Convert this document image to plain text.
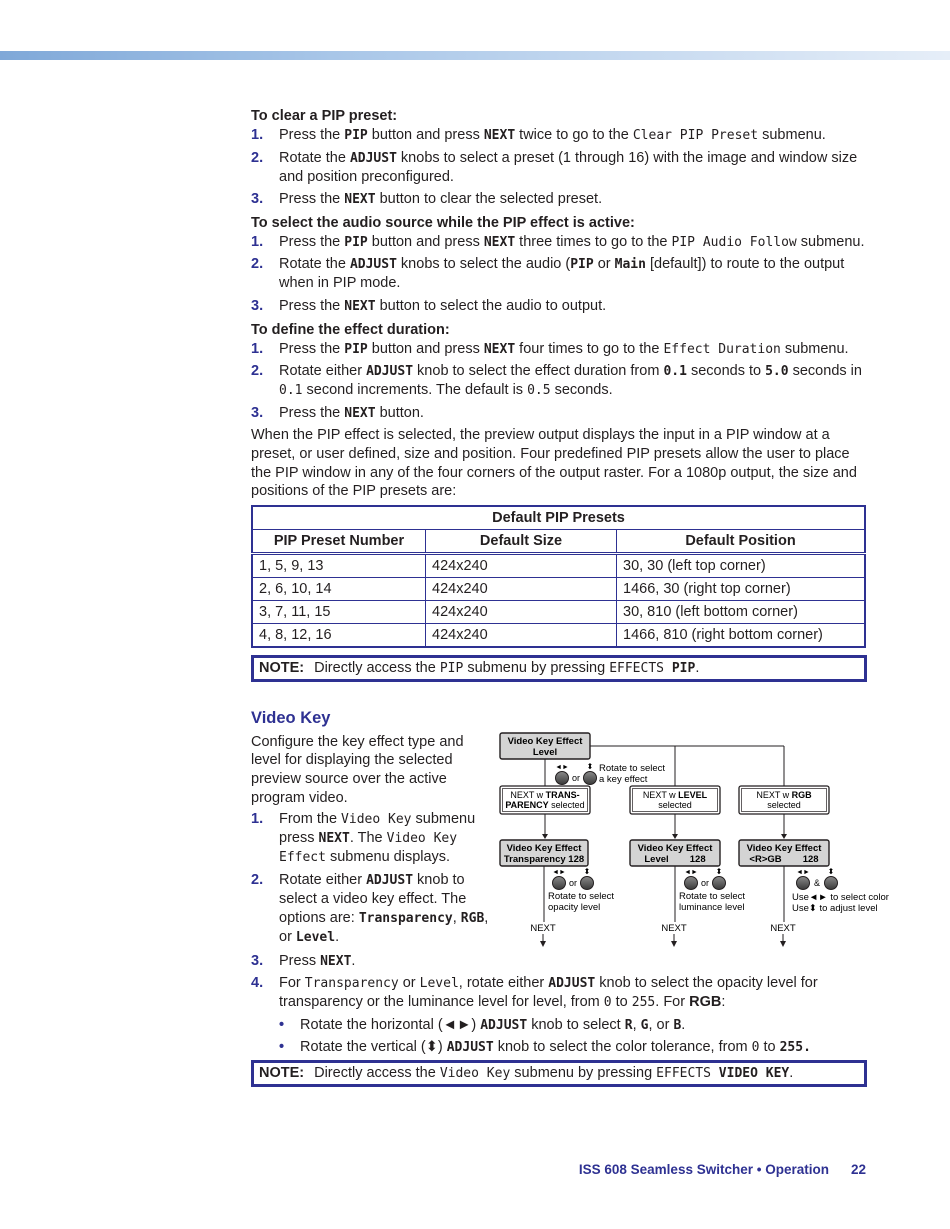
To clear a PIP preset:
1. Press the PIP button and press NEXT twice to go to the Clear PIP Preset submenu.
2. Rotate the ADJUST knobs to select a preset (1 through 16) with the image and window size and position preconfigured.
3. Press the NEXT button to clear the selected preset.
To select the audio source while the PIP effect is active:
1. Press the PIP button and press NEXT three times to go to the PIP Audio Follow submenu.
2. Rotate the ADJUST knobs to select the audio (PIP or Main [default]) to route to the output when in PIP mode.
3. Press the NEXT button to select the audio to output.
To define the effect duration:
1. Press the PIP button and press NEXT four times to go to the Effect Duration submenu.
2. Rotate either ADJUST knob to select the effect duration from 0.1 seconds to 5.0 seconds in 0.1 second increments. The default is 0.5 seconds.
3. Press the NEXT button.

When the PIP effect is selected, the preview output displays the input in a PIP window at a preset, or user defined, size and position. Four predefined PIP presets allow the user to place the PIP window in any of the four corners of the output raster. For a 1080p output, the size and positions of the PIP presets are:

Default PIP Presets		
PIP Preset Number	Default Size	Default Position
1, 5, 9, 13	424x240	30, 30 (left top corner)
2, 6, 10, 14	424x240	1466, 30 (right top corner)
3, 7, 11, 15	424x240	30, 810 (left bottom corner)
4, 8, 12, 16	424x240	1466, 810 (right bottom corner)
NOTE: Directly access the PIP submenu by pressing EFFECTS PIP.
Video Key

Configure the key effect type and level for displaying the selected preview source over the active program video.

1. From the Video Key submenu press NEXT. The Video Key Effect submenu displays.
2. Rotate either ADJUST knob to select a video key effect. The options are: Transparency, RGB, or Level.
Video Key Effect
Level
◄►
or
⬍ Rotate to select
a key effect
NEXT w TRANS-
PARENCY selected
Video Key Effect
Transparency 128
◄►
or
⬍
Rotate to select
opacity level
NEXT
NEXT w LEVEL
selected
Video Key Effect
Level        128
◄►
or
⬍
Rotate to select
luminance level
NEXT
NEXT w RGB
selected
Video Key Effect
<R>GB        128
◄►
&
⬍
Use◄► to select color
Use⬍ to adjust level
NEXT
3. Press NEXT.
4. For Transparency or Level, rotate either ADJUST knob to select the opacity level for transparency or the luminance level for level, from 0 to 255. For RGB:
• Rotate the horizontal (◄►) ADJUST knob to select R, G, or B.
• Rotate the vertical (⬍) ADJUST knob to select the color tolerance, from 0 to 255.
NOTE: Directly access the Video Key submenu by pressing EFFECTS VIDEO KEY.
ISS 608 Seamless Switcher • Operation 22
